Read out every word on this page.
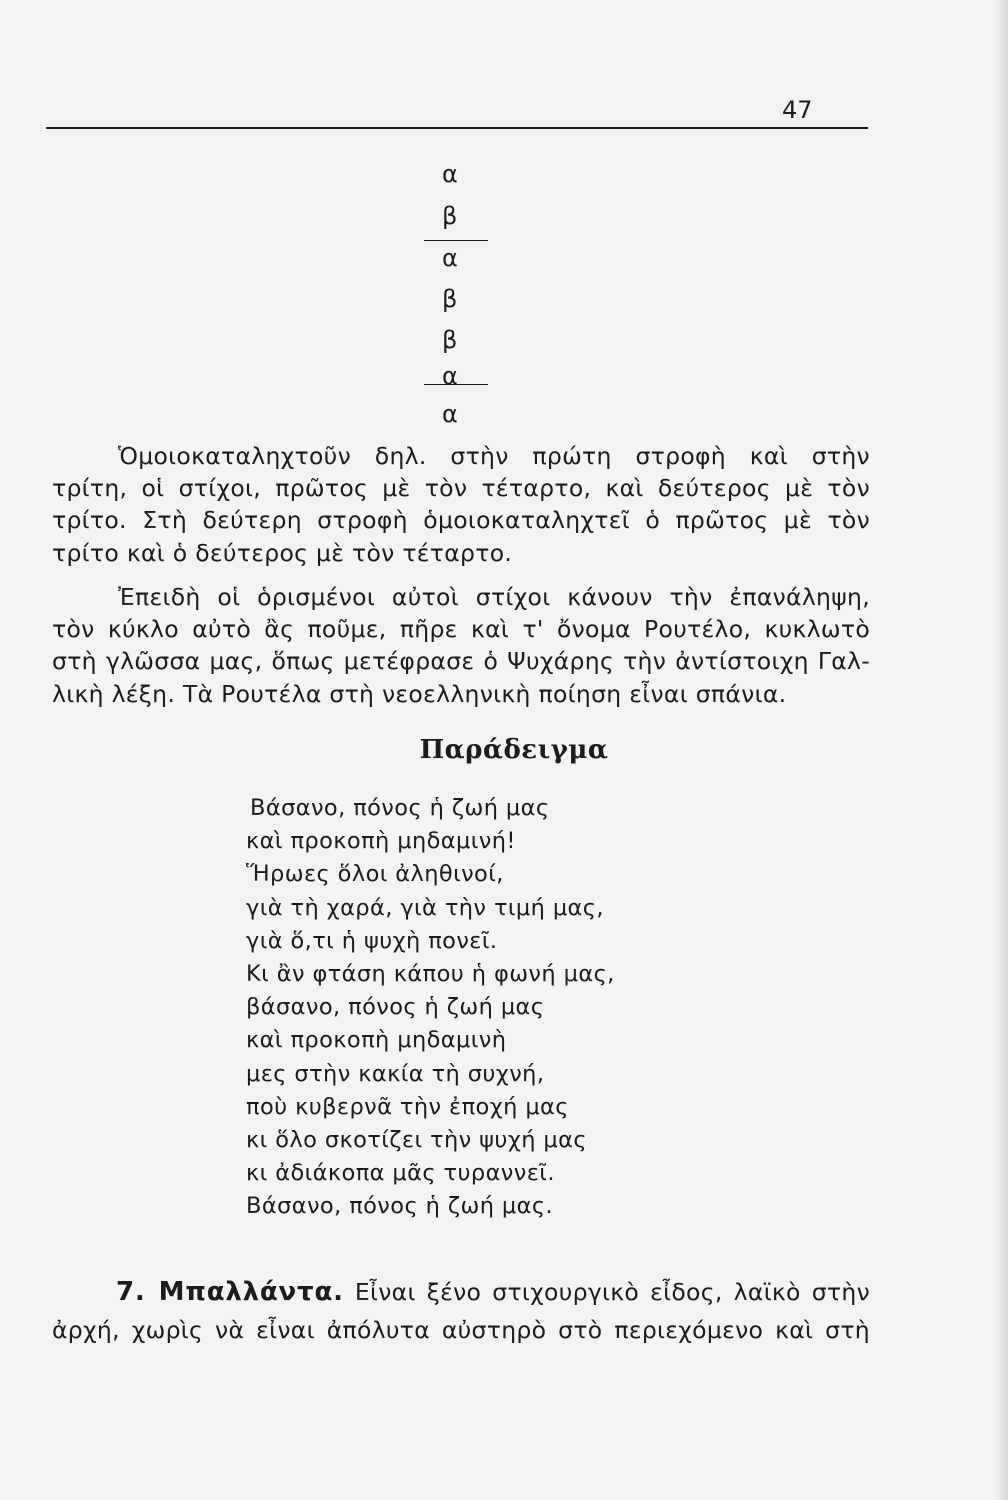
47
α
β
α
β
β
α
α
Ὁμοιοκαταληχτοῦν δηλ. στὴν πρώτη στροφὴ καὶ στὴν
τρίτη, οἱ στίχοι, πρῶτος μὲ τὸν τέταρτο, καὶ δεύτερος μὲ τὸν
τρίτο. Στὴ δεύτερη στροφὴ ὁμοιοκαταληχτεῖ ὁ πρῶτος μὲ τὸν
τρίτο καὶ ὁ δεύτερος μὲ τὸν τέταρτο.
Ἐπειδὴ οἱ ὁρισμένοι αὐτοὶ στίχοι κάνουν τὴν ἐπανάληψη,
τὸν κύκλο αὐτὸ ἂς ποῦμε, πῆρε καὶ τ' ὄνομα Ρουτέλο, κυκλωτὸ
στὴ γλῶσσα μας, ὅπως μετέφρασε ὁ Ψυχάρης τὴν ἀντίστοιχη Γαλ-
λικὴ λέξη. Τὰ Ρουτέλα στὴ νεοελληνικὴ ποίηση εἶναι σπάνια.
Παράδειγμα
Βάσανο, πόνος ἡ ζωή μας
καὶ προκοπὴ μηδαμινή!
Ἥρωες ὅλοι ἀληθινοί,
γιὰ τὴ χαρά, γιὰ τὴν τιμή μας,
γιὰ ὅ,τι ἡ ψυχὴ πονεῖ.
Κι ἂν φτάση κάπου ἡ φωνή μας,
βάσανο, πόνος ἡ ζωή μας
καὶ προκοπὴ μηδαμινὴ
μες στὴν κακία τὴ συχνή,
ποὺ κυβερνᾶ τὴν ἐποχή μας
κι ὅλο σκοτίζει τὴν ψυχή μας
κι ἀδιάκοπα μᾶς τυραννεῖ.
Βάσανο, πόνος ἡ ζωή μας.
7. Μπαλλάντα. Εἶναι ξένο στιχουργικὸ εἶδος, λαϊκὸ στὴν
ἀρχή, χωρὶς νὰ εἶναι ἀπόλυτα αὐστηρὸ στὸ περιεχόμενο καὶ στὴ
